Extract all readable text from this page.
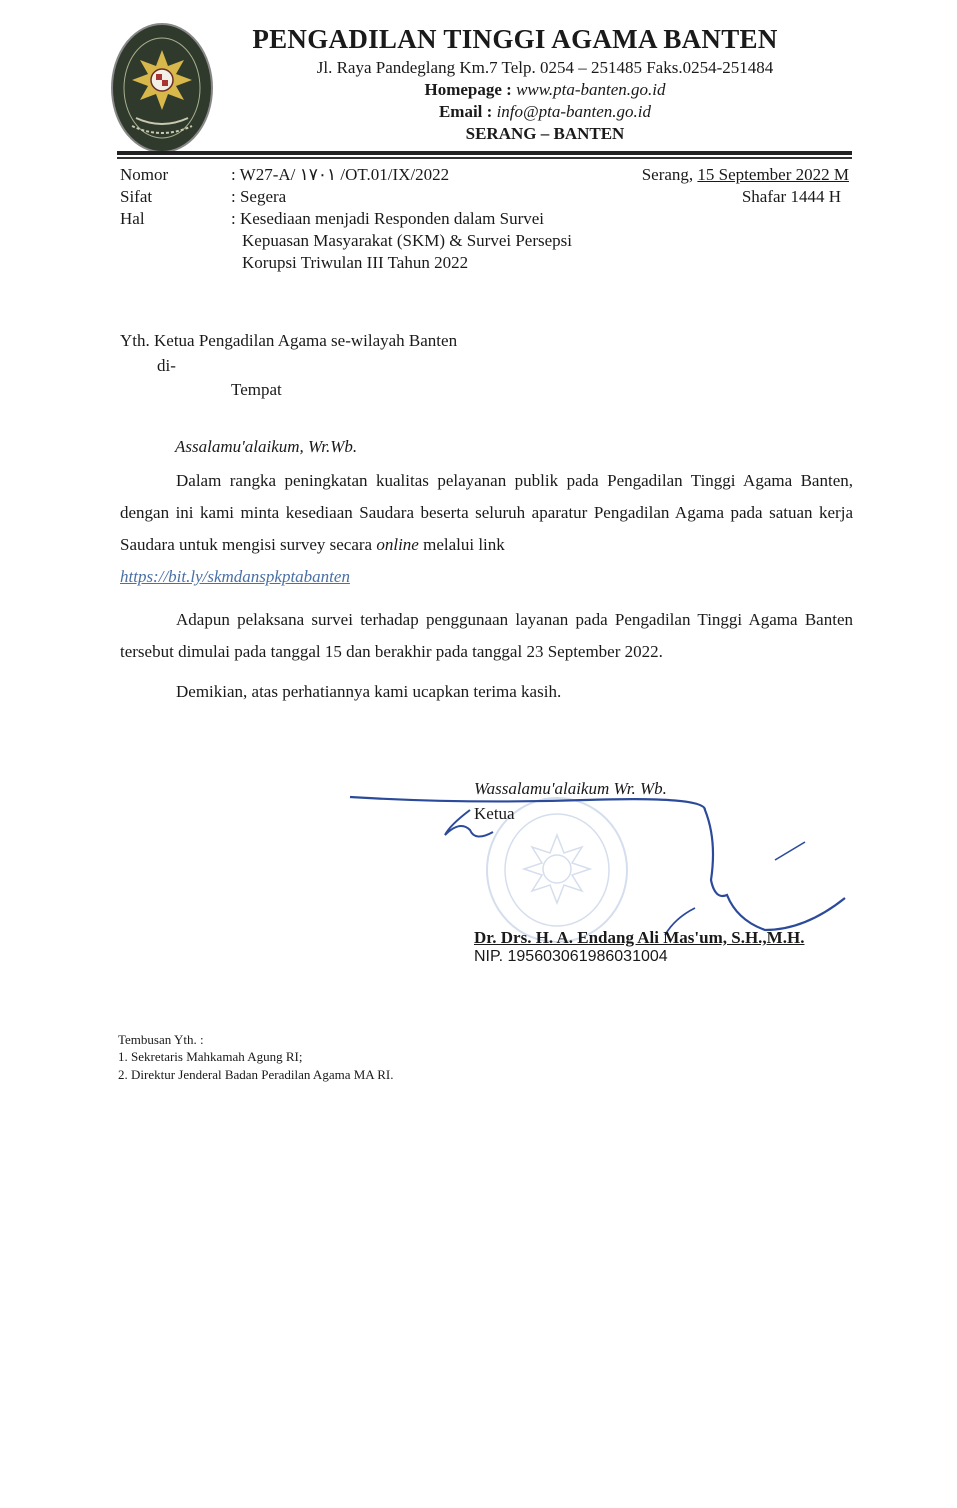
PENGADILAN TINGGI AGAMA BANTEN
Jl. Raya Pandeglang Km.7 Telp. 0254 – 251485 Faks.0254-251484
Homepage : www.pta-banten.go.id
Email : info@pta-banten.go.id
SERANG – BANTEN
Nomor	: W27-A/ ١٧٠١ /OT.01/IX/2022
Sifat	: Segera
Hal	: Kesediaan menjadi Responden dalam Survei
Kepuasan Masyarakat (SKM) & Survei Persepsi
Korupsi Triwulan III Tahun 2022
Serang, 15 September 2022 M
Shafar 1444 H
Yth. Ketua Pengadilan Agama se-wilayah Banten
di-
Tempat
Assalamu'alaikum, Wr.Wb.
Dalam rangka peningkatan kualitas pelayanan publik pada Pengadilan Tinggi Agama Banten, dengan ini kami minta kesediaan Saudara beserta seluruh aparatur Pengadilan Agama pada satuan kerja Saudara untuk mengisi survey secara online melalui link
https://bit.ly/skmdanspkptabanten
Adapun pelaksana survei terhadap penggunaan layanan pada Pengadilan Tinggi Agama Banten tersebut dimulai pada tanggal 15 dan berakhir pada tanggal 23 September 2022.
Demikian, atas perhatiannya kami ucapkan terima kasih.
Wassalamu'alaikum Wr. Wb.
Ketua
Dr. Drs. H. A. Endang Ali Mas'um, S.H.,M.H.
NIP. 195603061986031004
Tembusan Yth. :
1. Sekretaris Mahkamah Agung RI;
2. Direktur Jenderal Badan Peradilan Agama MA RI.
